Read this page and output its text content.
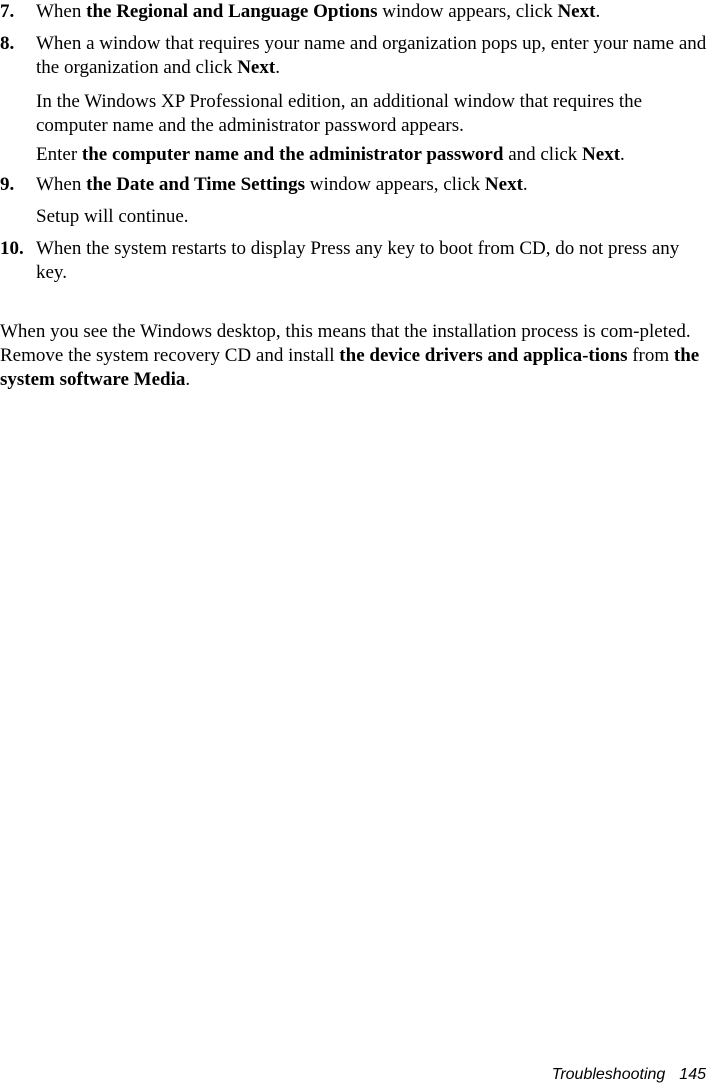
7.	When the Regional and Language Options window appears, click Next.
8.	When a window that requires your name and organization pops up, enter your name and the organization and click Next.
In the Windows XP Professional edition, an additional window that requires the computer name and the administrator password appears.
Enter the computer name and the administrator password and click Next.
9.	When the Date and Time Settings window appears, click Next.
Setup will continue.
10. When the system restarts to display Press any key to boot from CD, do not press any key.
When you see the Windows desktop, this means that the installation process is com-pleted. Remove the system recovery CD and install the device drivers and applica-tions from the system software Media.
Troubleshooting 145
